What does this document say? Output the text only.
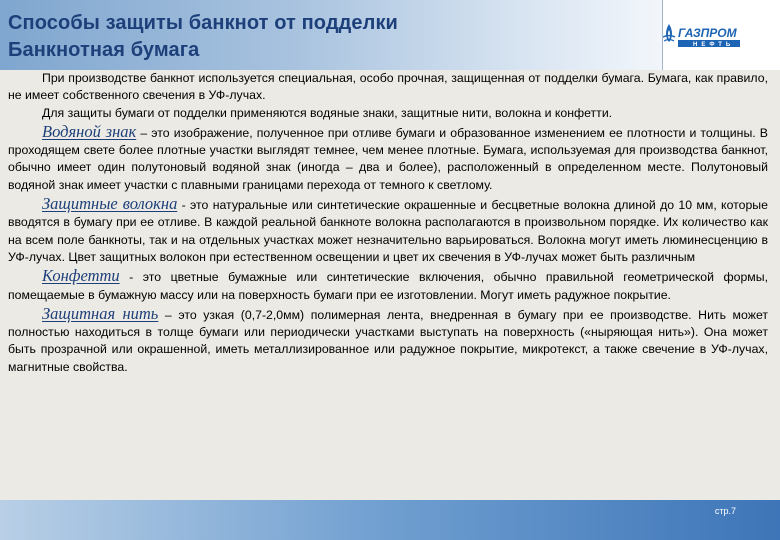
Способы защиты банкнот от подделки
Банкнотная бумага
ГАЗПРОМ
НЕФТЬ

При производстве банкнот используется специальная, особо прочная, защищенная от подделки бумага. Бумага, как правило, не имеет собственного свечения в УФ-лучах.

Для защиты бумаги от подделки применяются водяные знаки, защитные нити, волокна и конфетти.

Водяной знак – это изображение, полученное при отливе бумаги и образованное изменением ее плотности и толщины. В проходящем свете более плотные участки выглядят темнее, чем менее плотные. Бумага, используемая для производства банкнот, обычно имеет один полутоновый водяной знак (иногда – два и более), расположенный в определенном месте. Полутоновый водяной знак имеет участки с плавными границами перехода от темного к светлому.

Защитные волокна - это натуральные или синтетические окрашенные и бесцветные волокна длиной до 10 мм, которые вводятся в бумагу при ее отливе. В каждой реальной банкноте волокна располагаются в произвольном порядке. Их количество как на всем поле банкноты, так и на отдельных участках может незначительно варьироваться. Волокна могут иметь люминесценцию в УФ-лучах. Цвет защитных волокон при естественном освещении и цвет их свечения в УФ-лучах может быть различным

Конфетти - это цветные бумажные или синтетические включения, обычно правильной геометрической формы, помещаемые в бумажную массу или на поверхность бумаги при ее изготовлении. Могут иметь радужное покрытие.

Защитная нить – это узкая (0,7-2,0мм) полимерная лента, внедренная в бумагу при ее производстве. Нить может полностью находиться в толще бумаги или периодически участками выступать на поверхность («ныряющая нить»). Она может быть прозрачной или окрашенной, иметь металлизированное или радужное покрытие, микротекст, а также свечение в УФ-лучах, магнитные свойства.

стр.7
